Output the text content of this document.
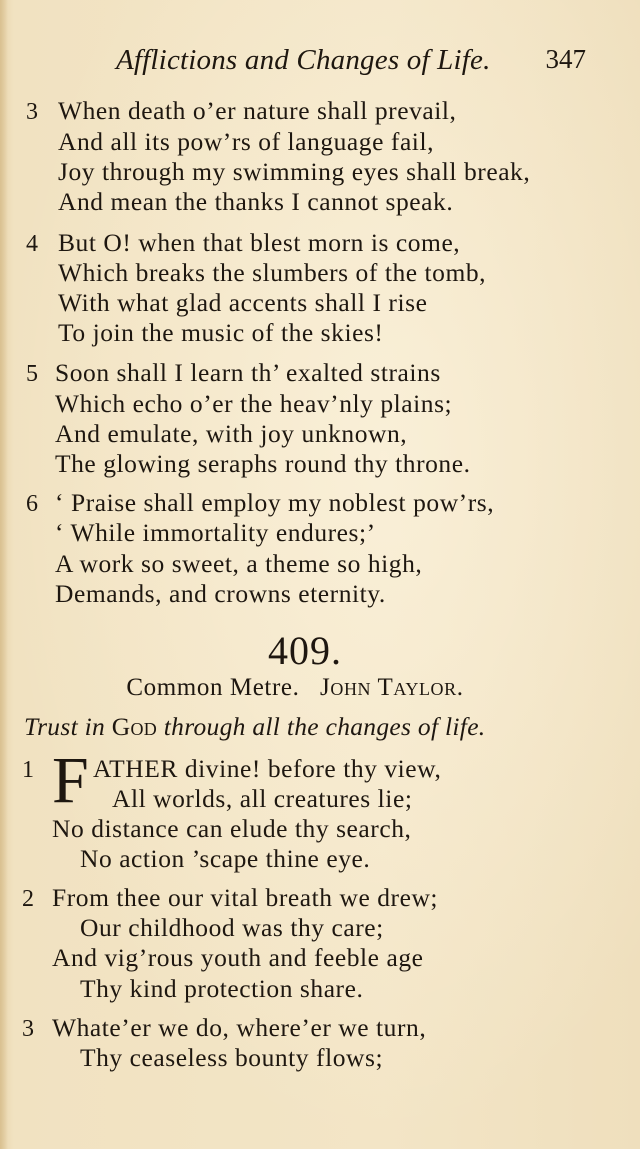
Afflictions and Changes of Life. 347
3 When death o’er nature shall prevail,
And all its pow’rs of language fail,
Joy through my swimming eyes shall break,
And mean the thanks I cannot speak.
4 But O! when that blest morn is come,
Which breaks the slumbers of the tomb,
With what glad accents shall I rise
To join the music of the skies!
5 Soon shall I learn th’ exalted strains
Which echo o’er the heav’nly plains;
And emulate, with joy unknown,
The glowing seraphs round thy throne.
6 ‘ Praise shall employ my noblest pow’rs,
‘ While immortality endures;’
A work so sweet, a theme so high,
Demands, and crowns eternity.
409.
Common Metre. John Taylor.
Trust in God through all the changes of life.
1 F ATHER divine! before thy view,
All worlds, all creatures lie;
No distance can elude thy search,
No action ’scape thine eye.
2 From thee our vital breath we drew;
Our childhood was thy care;
And vig’rous youth and feeble age
Thy kind protection share.
3 Whate’er we do, where’er we turn,
Thy ceaseless bounty flows;
